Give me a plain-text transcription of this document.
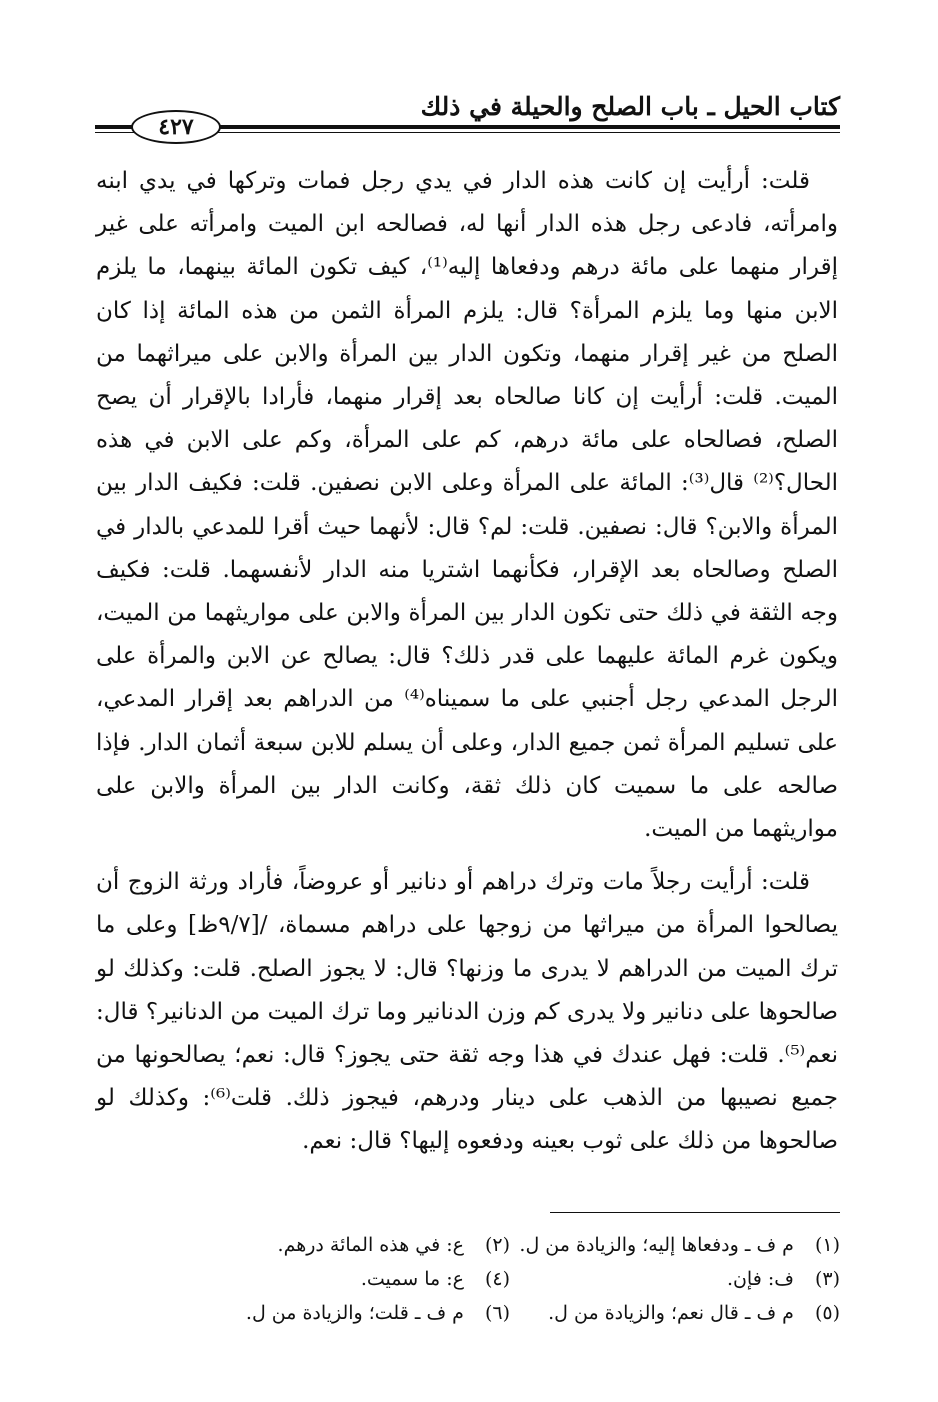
كتاب الحيل ـ باب الصلح والحيلة في ذلك
٤٢٧

قلت: أرأيت إن كانت هذه الدار في يدي رجل فمات وتركها في يدي ابنه وامرأته، فادعى رجل هذه الدار أنها له، فصالحه ابن الميت وامرأته على غير إقرار منهما على مائة درهم ودفعاها إليه⁽¹⁾، كيف تكون المائة بينهما، ما يلزم الابن منها وما يلزم المرأة؟ قال: يلزم المرأة الثمن من هذه المائة إذا كان الصلح من غير إقرار منهما، وتكون الدار بين المرأة والابن على ميراثهما من الميت. قلت: أرأيت إن كانا صالحاه بعد إقرار منهما، فأرادا بالإقرار أن يصح الصلح، فصالحاه على مائة درهم، كم على المرأة، وكم على الابن في هذه الحال؟⁽²⁾ قال⁽³⁾: المائة على المرأة وعلى الابن نصفين. قلت: فكيف الدار بين المرأة والابن؟ قال: نصفين. قلت: لم؟ قال: لأنهما حيث أقرا للمدعي بالدار في الصلح وصالحاه بعد الإقرار، فكأنهما اشتريا منه الدار لأنفسهما. قلت: فكيف وجه الثقة في ذلك حتى تكون الدار بين المرأة والابن على مواريثهما من الميت، ويكون غرم المائة عليهما على قدر ذلك؟ قال: يصالح عن الابن والمرأة على الرجل المدعي رجل أجنبي على ما سميناه⁽⁴⁾ من الدراهم بعد إقرار المدعي، على تسليم المرأة ثمن جميع الدار، وعلى أن يسلم للابن سبعة أثمان الدار. فإذا صالحه على ما سميت كان ذلك ثقة، وكانت الدار بين المرأة والابن على مواريثهما من الميت.

قلت: أرأيت رجلاً مات وترك دراهم أو دنانير أو عروضاً، فأراد ورثة الزوج أن يصالحوا المرأة من ميراثها من زوجها على دراهم مسماة، /[٩/٧ظ] وعلى ما ترك الميت من الدراهم لا يدرى ما وزنها؟ قال: لا يجوز الصلح. قلت: وكذلك لو صالحوها على دنانير ولا يدرى كم وزن الدنانير وما ترك الميت من الدنانير؟ قال: نعم⁽⁵⁾. قلت: فهل عندك في هذا وجه ثقة حتى يجوز؟ قال: نعم؛ يصالحونها من جميع نصيبها من الذهب على دينار ودرهم، فيجوز ذلك. قلت⁽⁶⁾: وكذلك لو صالحوها من ذلك على ثوب بعينه ودفعوه إليها؟ قال: نعم.

(١) م ف ـ ودفعاها إليه؛ والزيادة من ل.
(٢) ع: في هذه المائة درهم.
(٣) ف: فإن.
(٤) ع: ما سميت.
(٥) م ف ـ قال نعم؛ والزيادة من ل.
(٦) م ف ـ قلت؛ والزيادة من ل.
